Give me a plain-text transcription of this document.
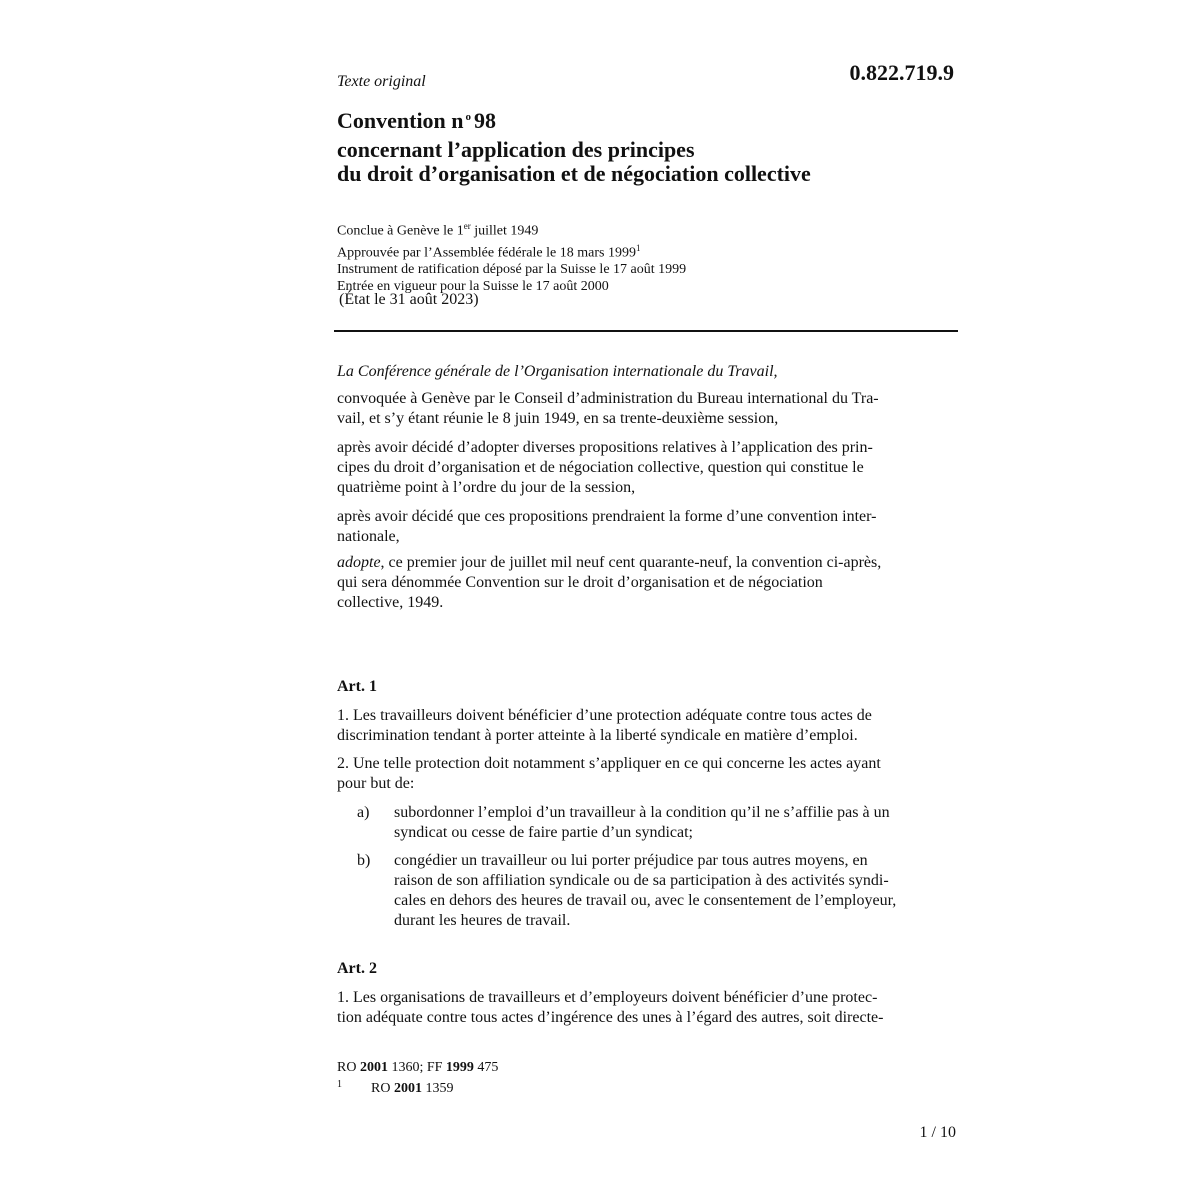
0.822.719.9
Texte original
Convention n $^o$ 98
concernant l’application des principes
du droit d’organisation et de négociation collective
Conclue à Genève le 1er juillet 1949
Approuvée par l’Assemblée fédérale le 18 mars 1999$^1$
Instrument de ratification déposé par la Suisse le 17 août 1999
Entrée en vigueur pour la Suisse le 17 août 2000
(État le 31 août 2023)
La Conférence générale de l’Organisation internationale du Travail,
convoquée à Genève par le Conseil d’administration du Bureau international du Tra-
vail, et s’y étant réunie le 8 juin 1949, en sa trente-deuxième session,
après avoir décidé d’adopter diverses propositions relatives à l’application des prin-
cipes du droit d’organisation et de négociation collective, question qui constitue le
quatrième point à l’ordre du jour de la session,
après avoir décidé que ces propositions prendraient la forme d’une convention inter-
nationale,
adopte, ce premier jour de juillet mil neuf cent quarante-neuf, la convention ci-après,
qui sera dénommée Convention sur le droit d’organisation et de négociation
collective, 1949.
Art. 1
1. Les travailleurs doivent bénéficier d’une protection adéquate contre tous actes de
discrimination tendant à porter atteinte à la liberté syndicale en matière d’emploi.
2. Une telle protection doit notamment s’appliquer en ce qui concerne les actes ayant
pour but de:
a) subordonner l’emploi d’un travailleur à la condition qu’il ne s’affilie pas à un
syndicat ou cesse de faire partie d’un syndicat;
b) congédier un travailleur ou lui porter préjudice par tous autres moyens, en
raison de son affiliation syndicale ou de sa participation à des activités syndi-
cales en dehors des heures de travail ou, avec le consentement de l’employeur,
durant les heures de travail.
Art. 2
1. Les organisations de travailleurs et d’employeurs doivent bénéficier d’une protec-
tion adéquate contre tous actes d’ingérence des unes à l’égard des autres, soit directe-
RO 2001 1360; FF 1999 475
1 RO 2001 1359
1 / 10
